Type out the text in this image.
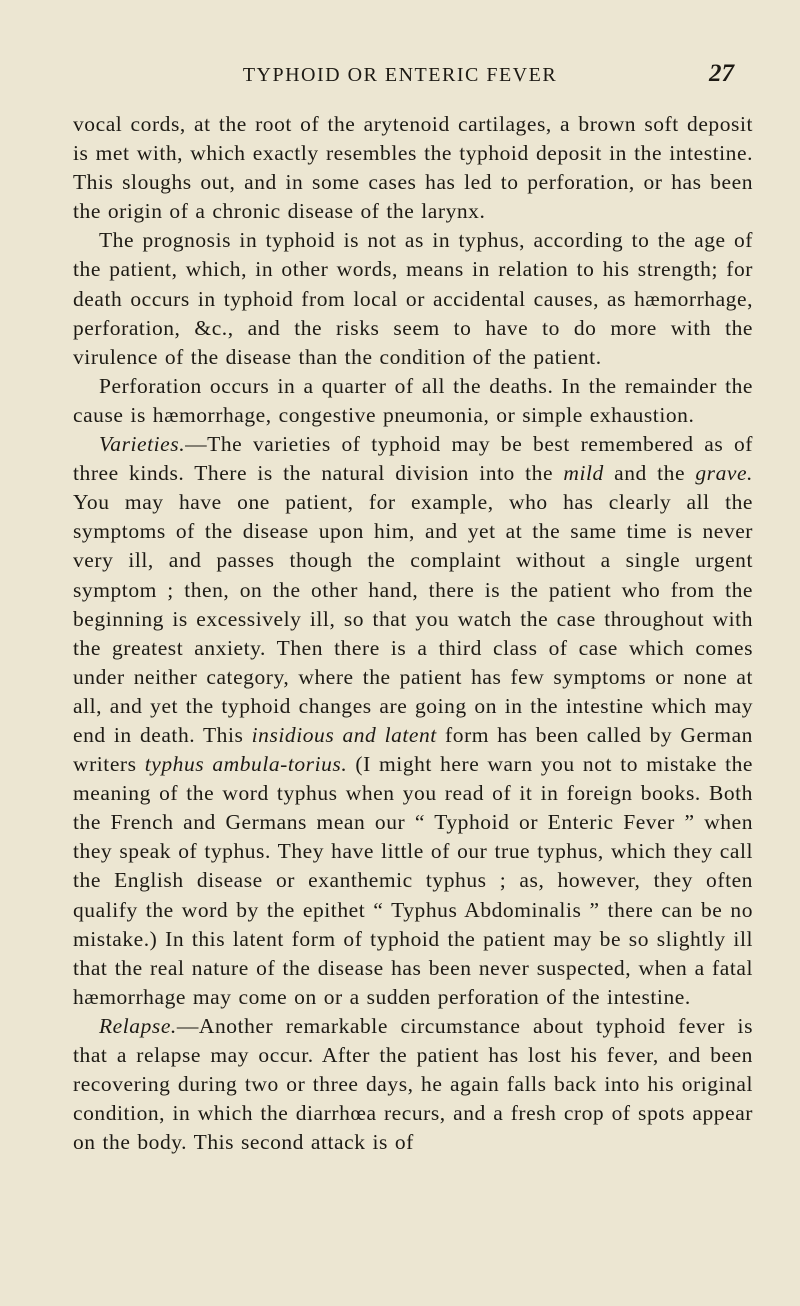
TYPHOID OR ENTERIC FEVER	27

vocal cords, at the root of the arytenoid cartilages, a brown soft deposit is met with, which exactly resembles the typhoid deposit in the intestine. This sloughs out, and in some cases has led to perforation, or has been the origin of a chronic disease of the larynx.

The prognosis in typhoid is not as in typhus, according to the age of the patient, which, in other words, means in relation to his strength; for death occurs in typhoid from local or accidental causes, as hæmorrhage, perforation, &c., and the risks seem to have to do more with the virulence of the disease than the condition of the patient.

Perforation occurs in a quarter of all the deaths. In the remainder the cause is hæmorrhage, congestive pneumonia, or simple exhaustion.

Varieties.—The varieties of typhoid may be best remembered as of three kinds. There is the natural division into the mild and the grave. You may have one patient, for example, who has clearly all the symptoms of the disease upon him, and yet at the same time is never very ill, and passes though the complaint without a single urgent symptom ; then, on the other hand, there is the patient who from the beginning is excessively ill, so that you watch the case throughout with the greatest anxiety. Then there is a third class of case which comes under neither category, where the patient has few symptoms or none at all, and yet the typhoid changes are going on in the intestine which may end in death. This insidious and latent form has been called by German writers typhus ambula-torius. (I might here warn you not to mistake the meaning of the word typhus when you read of it in foreign books. Both the French and Germans mean our “ Typhoid or Enteric Fever ” when they speak of typhus. They have little of our true typhus, which they call the English disease or exanthemic typhus ; as, however, they often qualify the word by the epithet “ Typhus Abdominalis ” there can be no mistake.) In this latent form of typhoid the patient may be so slightly ill that the real nature of the disease has been never suspected, when a fatal hæmorrhage may come on or a sudden perforation of the intestine.

Relapse.—Another remarkable circumstance about typhoid fever is that a relapse may occur. After the patient has lost his fever, and been recovering during two or three days, he again falls back into his original condition, in which the diarrhœa recurs, and a fresh crop of spots appear on the body. This second attack is of
